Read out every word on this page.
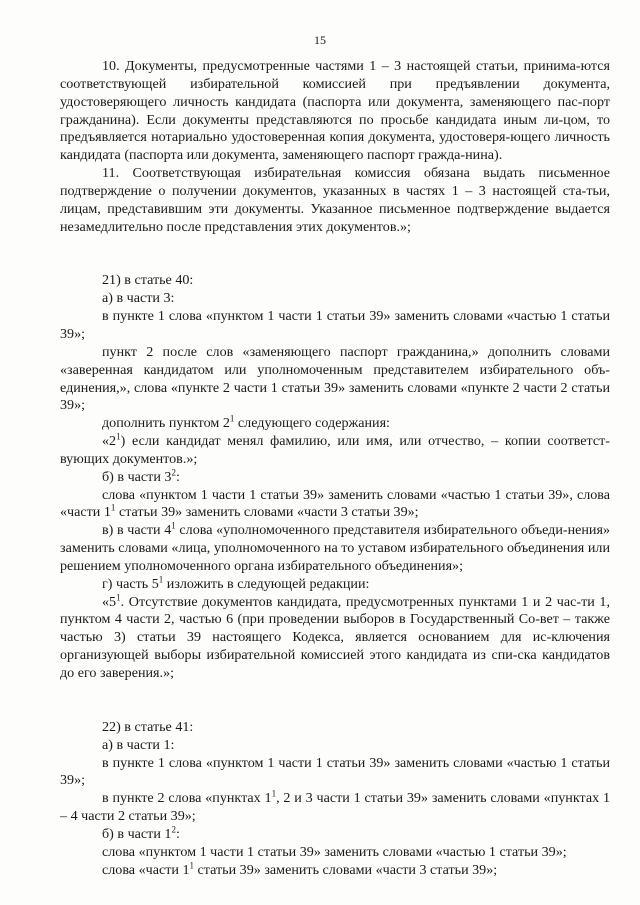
15

10. Документы, предусмотренные частями 1 – 3 настоящей статьи, принима-ются соответствующей избирательной комиссией при предъявлении документа, удостоверяющего личность кандидата (паспорта или документа, заменяющего пас-порт гражданина). Если документы представляются по просьбе кандидата иным ли-цом, то предъявляется нотариально удостоверенная копия документа, удостоверя-ющего личность кандидата (паспорта или документа, заменяющего паспорт гражда-нина).

11. Соответствующая избирательная комиссия обязана выдать письменное подтверждение о получении документов, указанных в частях 1 – 3 настоящей ста-тьи, лицам, представившим эти документы. Указанное письменное подтверждение выдается незамедлительно после представления этих документов.»;

21) в статье 40:

а) в части 3:

в пункте 1 слова «пунктом 1 части 1 статьи 39» заменить словами «частью 1 статьи 39»;

пункт 2 после слов «заменяющего паспорт гражданина,» дополнить словами «заверенная кандидатом или уполномоченным представителем избирательного объ-единения,», слова «пункте 2 части 1 статьи 39» заменить словами «пункте 2 части 2 статьи 39»;

дополнить пунктом $2^1$ следующего содержания:

«$2^1$) если кандидат менял фамилию, или имя, или отчество, – копии соответст-вующих документов.»;

б) в части $3^2$:

слова «пунктом 1 части 1 статьи 39» заменить словами «частью 1 статьи 39», слова «части $1^1$ статьи 39» заменить словами «части 3 статьи 39»;

в) в части $4^1$ слова «уполномоченного представителя избирательного объеди-нения» заменить словами «лица, уполномоченного на то уставом избирательного объединения или решением уполномоченного органа избирательного объединения»;

г) часть $5^1$ изложить в следующей редакции:

«$5^1$. Отсутствие документов кандидата, предусмотренных пунктами 1 и 2 час-ти 1, пунктом 4 части 2, частью 6 (при проведении выборов в Государственный Со-вет – также частью 3) статьи 39 настоящего Кодекса, является основанием для ис-ключения организующей выборы избирательной комиссией этого кандидата из спи-ска кандидатов до его заверения.»;

22) в статье 41:

а) в части 1:

в пункте 1 слова «пунктом 1 части 1 статьи 39» заменить словами «частью 1 статьи 39»;

в пункте 2 слова «пунктах $1^1$, 2 и 3 части 1 статьи 39» заменить словами «пунктах 1 – 4 части 2 статьи 39»;

б) в части $1^2$:

слова «пунктом 1 части 1 статьи 39» заменить словами «частью 1 статьи 39»;

слова «части $1^1$ статьи 39» заменить словами «части 3 статьи 39»;
